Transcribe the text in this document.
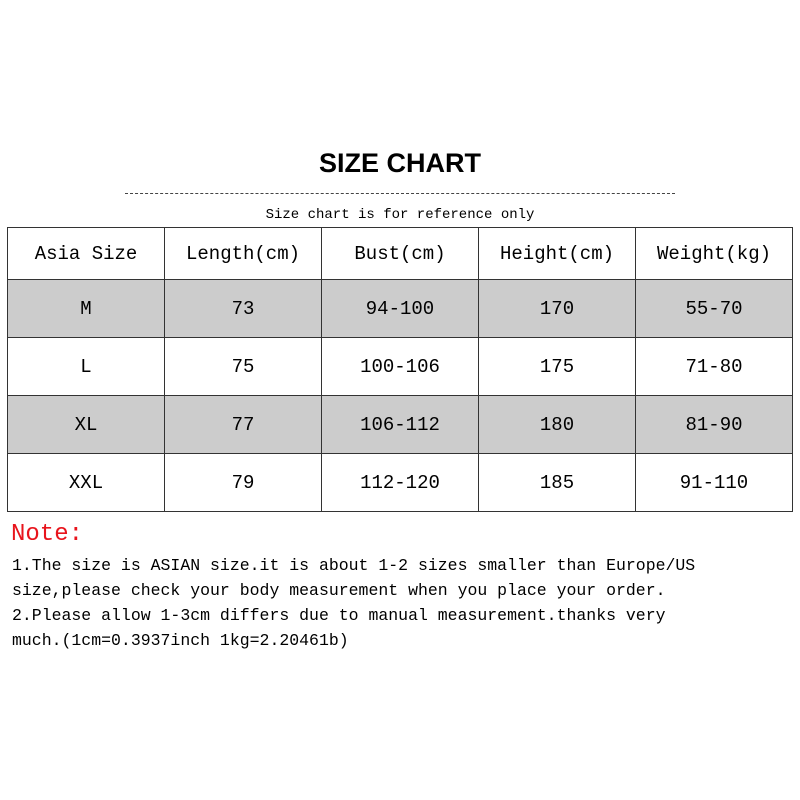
SIZE CHART
Size chart is for reference only
Asia Size	Length(cm)	Bust(cm)	Height(cm)	Weight(kg)
M	73	94-100	170	55-70
L	75	100-106	175	71-80
XL	77	106-112	180	81-90
XXL	79	112-120	185	91-110
Note:
1.The size is ASIAN size.it is about 1-2 sizes smaller than Europe/US
size,please check your body measurement when you place your order.
2.Please allow 1-3cm differs due to manual measurement.thanks very
much.(1cm=0.3937inch 1kg=2.20461b)
